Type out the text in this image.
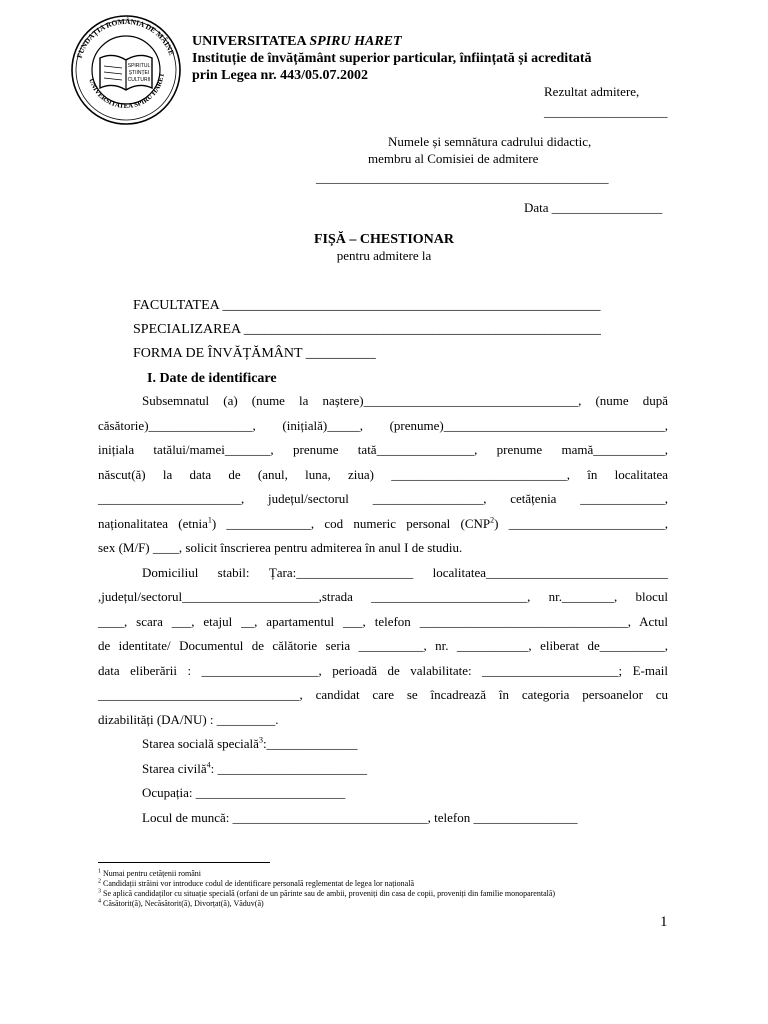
FUNDAȚIA ROMÂNIA DE MÂINE
UNIVERSITATEA SPIRU HARET
SPIRITUL
ȘTIINȚEI
CULTURII
UNIVERSITATEA SPIRU HARET
Instituție de învățământ superior particular, înființată și acreditată
prin Legea nr. 443/05.07.2002
Rezultat admitere,
___________________
Numele și semnătura cadrului didactic,
membru al Comisiei de admitere
_____________________________________________
Data _________________
FIȘĂ – CHESTIONAR
pentru admitere la
FACULTATEA ______________________________________________________
SPECIALIZAREA ___________________________________________________
FORMA DE ÎNVĂȚĂMÂNT __________
I. Date de identificare
Subsemnatul (a) (nume la naștere)_________________________________, (nume după
căsătorie)________________, (inițială)_____, (prenume)__________________________________,
inițiala tatălui/mamei_______, prenume tată_______________, prenume mamă___________,
născut(ă) la data de (anul, luna, ziua) ___________________________, în localitatea
______________________, județul/sectorul _________________, cetățenia _____________,
naționalitatea (etnia$^1$) _____________, cod numeric personal (CNP$^2$) ________________________,
sex (M/F) ____, solicit înscrierea pentru admiterea în anul I de studiu.
Domiciliul stabil: Țara:__________________ localitatea____________________________
,județul/sectorul_____________________,strada ________________________, nr.________, blocul
____, scara ___, etajul __, apartamentul ___, telefon ________________________________, Actul
de identitate/ Documentul de călătorie seria __________, nr. ___________, eliberat de__________,
data eliberării : __________________, perioadă de valabilitate: _____________________; E-mail
_______________________________, candidat care se încadrează în categoria persoanelor cu
dizabilități (DA/NU) : _________.
Starea socială specială$^3$:______________
Starea civilă$^4$: _______________________
Ocupația: _______________________
Locul de muncă: ______________________________, telefon ________________
$^1$ Numai pentru cetățenii români
$^2$ Candidații străini vor introduce codul de identificare personală reglementat de legea lor națională
$^3$ Se aplică candidaților cu situație specială (orfani de un părinte sau de ambii, proveniți din casa de copii, proveniți din familie monoparentală)
$^4$ Căsătorit(ă), Necăsătorit(ă), Divorțat(ă), Văduv(ă)
1
